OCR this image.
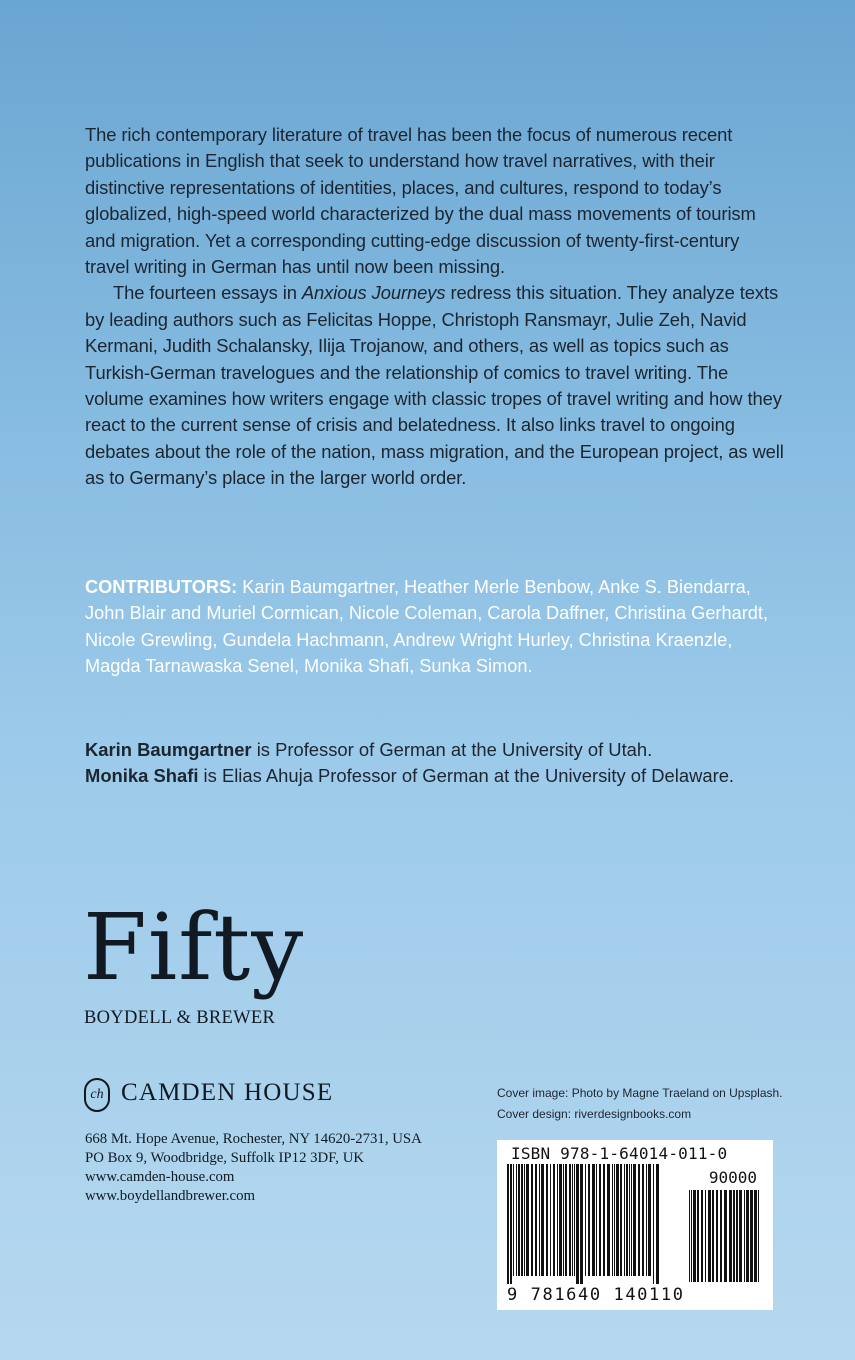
The rich contemporary literature of travel has been the focus of numerous recent publications in English that seek to understand how travel narratives, with their distinctive representations of identities, places, and cultures, respond to today’s globalized, high-speed world characterized by the dual mass movements of tourism and migration. Yet a corresponding cutting-edge discussion of twenty-first-century travel writing in German has until now been missing.

The fourteen essays in Anxious Journeys redress this situation. They analyze texts by leading authors such as Felicitas Hoppe, Christoph Ransmayr, Julie Zeh, Navid Kermani, Judith Schalansky, Ilija Trojanow, and others, as well as topics such as Turkish-German travelogues and the relationship of comics to travel writing. The volume examines how writers engage with classic tropes of travel writing and how they react to the current sense of crisis and belatedness. It also links travel to ongoing debates about the role of the nation, mass migration, and the European project, as well as to Germany’s place in the larger world order.

CONTRIBUTORS: Karin Baumgartner, Heather Merle Benbow, Anke S. Biendarra, John Blair and Muriel Cormican, Nicole Coleman, Carola Daffner, Christina Gerhardt, Nicole Grewling, Gundela Hachmann, Andrew Wright Hurley, Christina Kraenzle, Magda Tarnawaska Senel, Monika Shafi, Sunka Simon.
Karin Baumgartner is Professor of German at the University of Utah.
Monika Shafi is Elias Ahuja Professor of German at the University of Delaware.
Fifty
BOYDELL & BREWER
ch CAMDEN HOUSE
668 Mt. Hope Avenue, Rochester, NY 14620-2731, USA
PO Box 9, Woodbridge, Suffolk IP12 3DF, UK
www.camden-house.com
www.boydellandbrewer.com
Cover image: Photo by Magne Traeland on Upsplash.
Cover design: riverdesignbooks.com
ISBN 978-1-64014-011-0
90000
9 781640 140110
